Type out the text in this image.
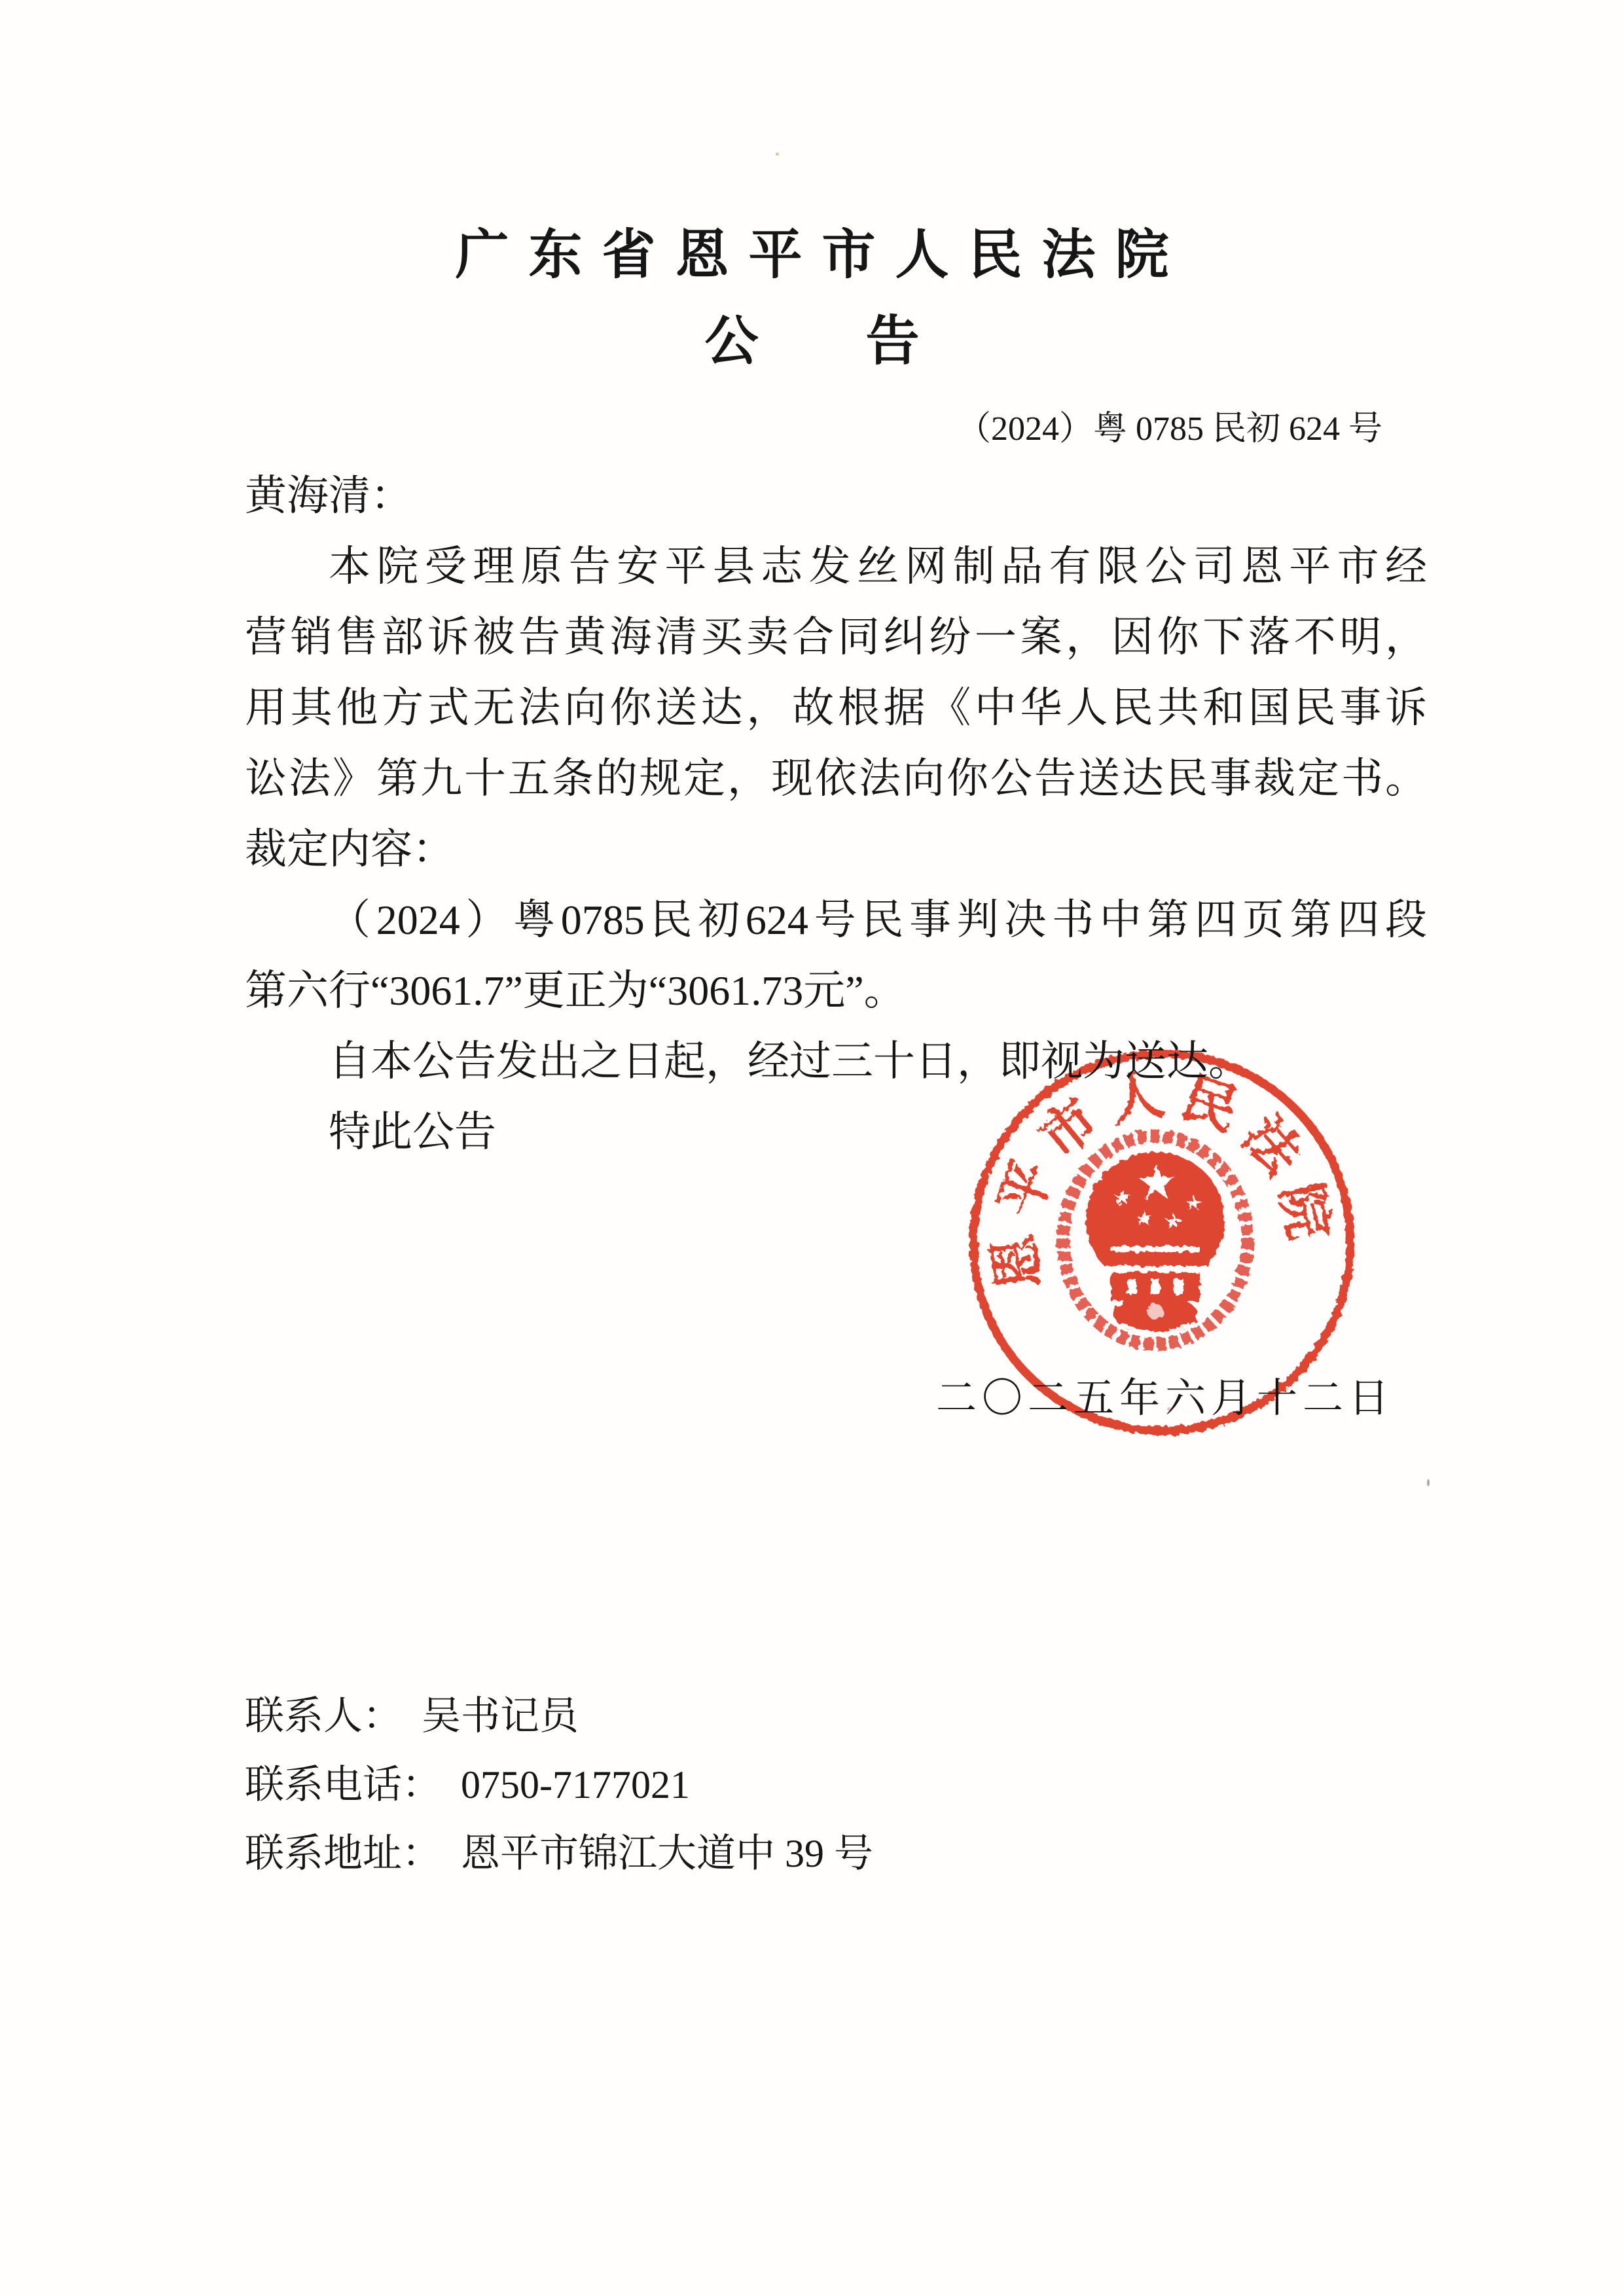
广东省恩平市人民法院
公　　告
（2024）粤 0785 民初 624 号
恩
平
市
人 民
法
院
黄海清：
本院受理原告安平县志发丝网制品有限公司恩平市经
营销售部诉被告黄海清买卖合同纠纷一案，因你下落不明，
用其他方式无法向你送达，故根据《中华人民共和国民事诉
讼法》第九十五条的规定，现依法向你公告送达民事裁定书。
裁定内容：
（2024）粤0785民初624号民事判决书中第四页第四段
第六行“3061.7”更正为“3061.73元”。
自本公告发出之日起，经过三十日，即视为送达。
特此公告
二〇二五年六月十二日
联系人：　吴书记员
联系电话：　0750-7177021
联系地址：　恩平市锦江大道中 39 号
